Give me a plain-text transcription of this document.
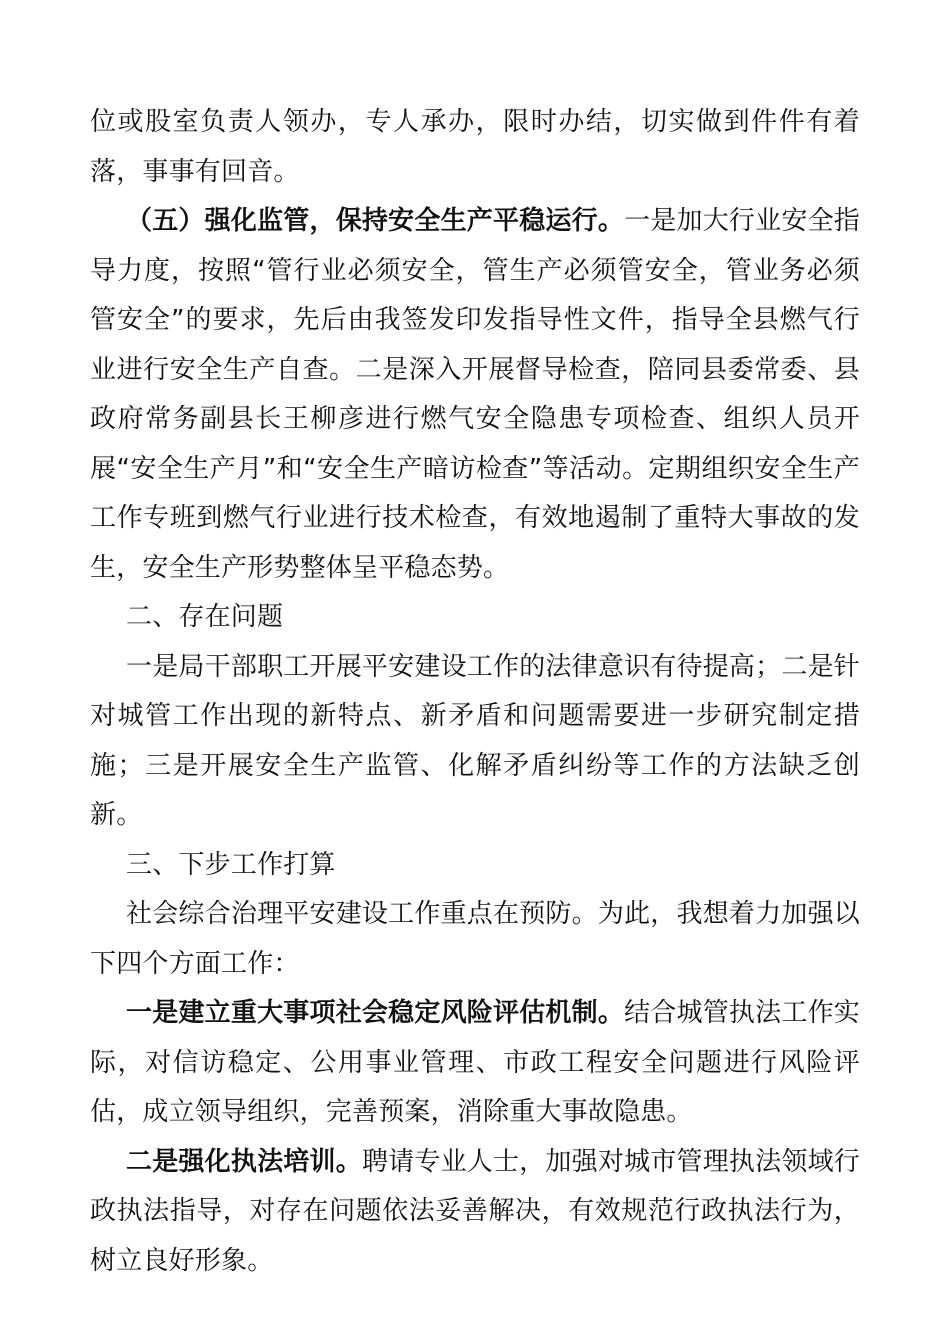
位或股室负责人领办，专人承办，限时办结，切实做到件件有着落，事事有回音。

（五）强化监管，保持安全生产平稳运行。一是加大行业安全指导力度，按照“管行业必须安全，管生产必须管安全，管业务必须管安全”的要求，先后由我签发印发指导性文件，指导全县燃气行业进行安全生产自查。二是深入开展督导检查，陪同县委常委、县政府常务副县长王柳彦进行燃气安全隐患专项检查、组织人员开展“安全生产月”和“安全生产暗访检查”等活动。定期组织安全生产工作专班到燃气行业进行技术检查，有效地遏制了重特大事故的发生，安全生产形势整体呈平稳态势。

二、存在问题

一是局干部职工开展平安建设工作的法律意识有待提高；二是针对城管工作出现的新特点、新矛盾和问题需要进一步研究制定措施；三是开展安全生产监管、化解矛盾纠纷等工作的方法缺乏创新。

三、下步工作打算

社会综合治理平安建设工作重点在预防。为此，我想着力加强以下四个方面工作：

一是建立重大事项社会稳定风险评估机制。结合城管执法工作实际，对信访稳定、公用事业管理、市政工程安全问题进行风险评估，成立领导组织，完善预案，消除重大事故隐患。

二是强化执法培训。聘请专业人士，加强对城市管理执法领域行政执法指导，对存在问题依法妥善解决，有效规范行政执法行为，树立良好形象。
